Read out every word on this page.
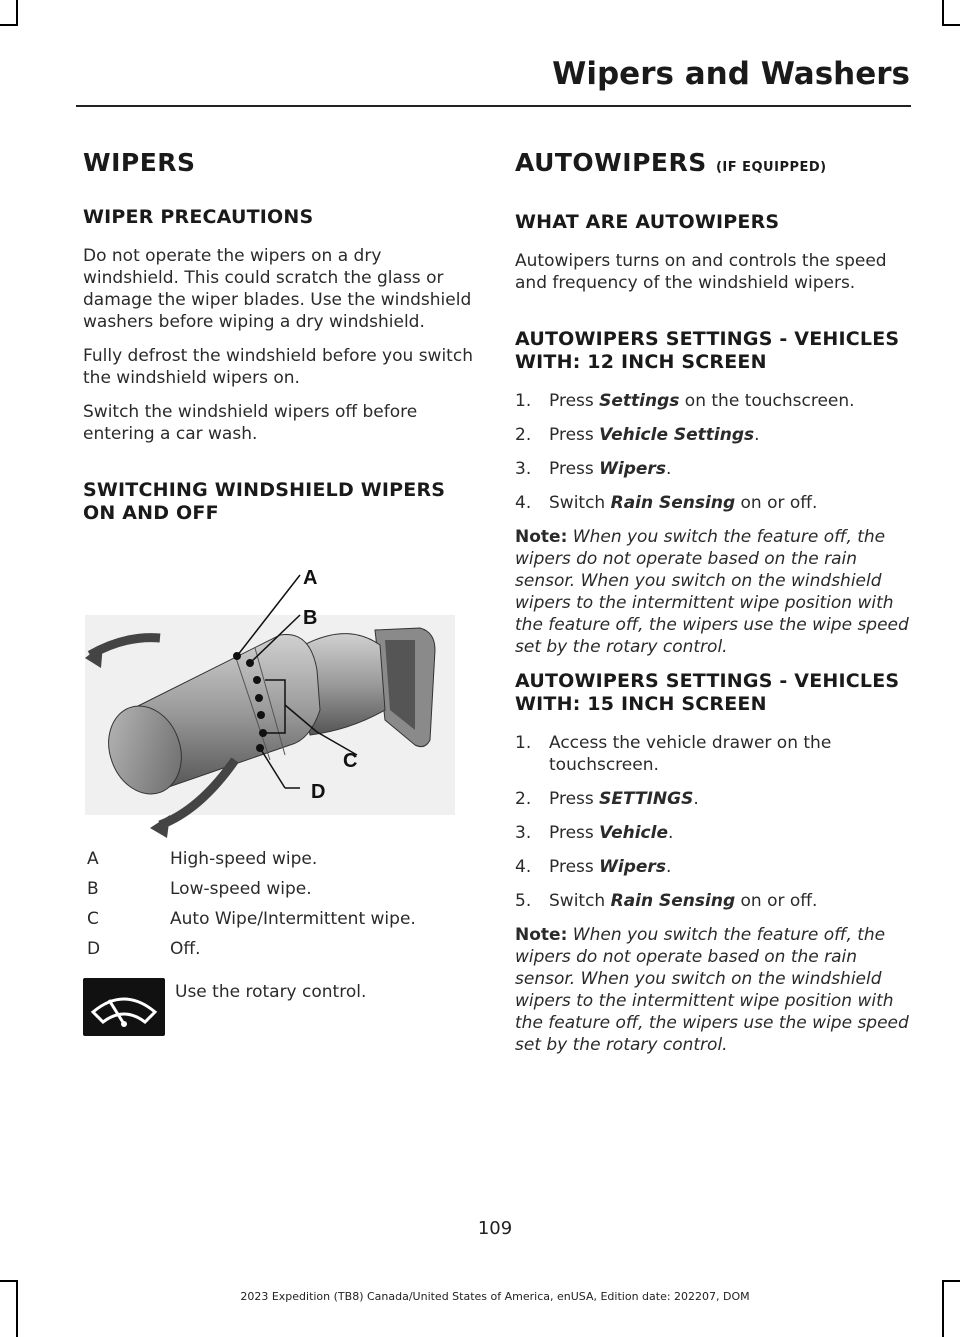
Wipers and Washers
WIPERS
WIPER PRECAUTIONS

Do not operate the wipers on a dry windshield. This could scratch the glass or damage the wiper blades. Use the windshield washers before wiping a dry windshield.

Fully defrost the windshield before you switch the windshield wipers on.

Switch the windshield wipers off before entering a car wash.

SWITCHING WINDSHIELD WIPERS ON AND OFF
A
B
C
D
A	High-speed wipe.
B	Low-speed wipe.
C	Auto Wipe/Intermittent wipe.
D	Off.
Use the rotary control.
AUTOWIPERS (IF EQUIPPED)
WHAT ARE AUTOWIPERS

Autowipers turns on and controls the speed and frequency of the windshield wipers.

AUTOWIPERS SETTINGS - VEHICLES WITH: 12 INCH SCREEN
1.	Press Settings on the touchscreen.
2.	Press Vehicle Settings.
3.	Press Wipers.
4.	Switch Rain Sensing on or off.

Note: When you switch the feature off, the wipers do not operate based on the rain sensor. When you switch on the windshield wipers to the intermittent wipe position with the feature off, the wipers use the wipe speed set by the rotary control.

AUTOWIPERS SETTINGS - VEHICLES WITH: 15 INCH SCREEN
1.	Access the vehicle drawer on the touchscreen.
2.	Press SETTINGS.
3.	Press Vehicle.
4.	Press Wipers.
5.	Switch Rain Sensing on or off.

Note: When you switch the feature off, the wipers do not operate based on the rain sensor. When you switch on the windshield wipers to the intermittent wipe position with the feature off, the wipers use the wipe speed set by the rotary control.

109
2023 Expedition (TB8) Canada/United States of America, enUSA, Edition date: 202207, DOM
